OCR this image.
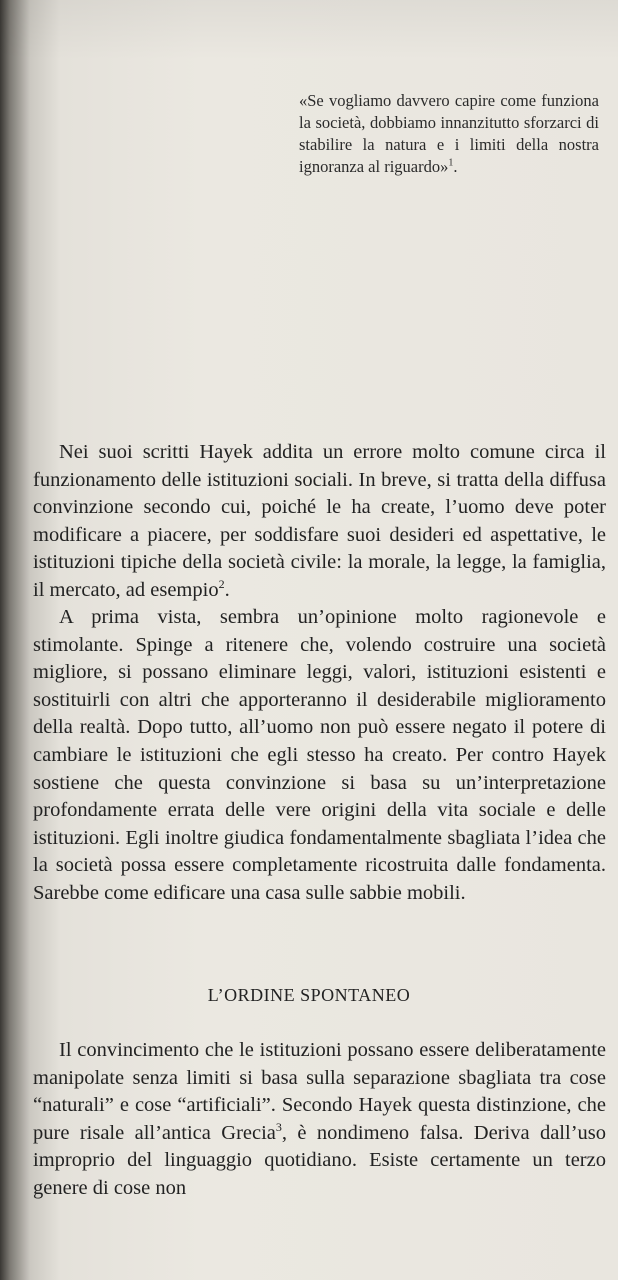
«Se vogliamo davvero capire come funziona la società, dobbiamo innanzitutto sforzarci di stabilire la natura e i limiti della nostra ignoranza al riguardo»$^1$.
Nei suoi scritti Hayek addita un errore molto comune circa il funzionamento delle istituzioni sociali. In breve, si tratta della diffusa convinzione secondo cui, poiché le ha create, l’uomo deve poter modificare a piacere, per soddisfare suoi desideri ed aspettative, le istituzioni tipiche della società civile: la morale, la legge, la famiglia, il mercato, ad esempio$^2$.
A prima vista, sembra un’opinione molto ragionevole e stimolante. Spinge a ritenere che, volendo costruire una società migliore, si possano eliminare leggi, valori, istituzioni esistenti e sostituirli con altri che apporteranno il desiderabile miglioramento della realtà. Dopo tutto, all’uomo non può essere negato il potere di cambiare le istituzioni che egli stesso ha creato. Per contro Hayek sostiene che questa convinzione si basa su un’interpretazione profondamente errata delle vere origini della vita sociale e delle istituzioni. Egli inoltre giudica fondamentalmente sbagliata l’idea che la società possa essere completamente ricostruita dalle fondamenta. Sarebbe come edificare una casa sulle sabbie mobili.
L’ORDINE SPONTANEO
Il convincimento che le istituzioni possano essere deliberatamente manipolate senza limiti si basa sulla separazione sbagliata tra cose “naturali” e cose “artificiali”. Secondo Hayek questa distinzione, che pure risale all’antica Grecia$^3$, è nondimeno falsa. Deriva dall’uso improprio del linguaggio quotidiano. Esiste certamente un terzo genere di cose non
